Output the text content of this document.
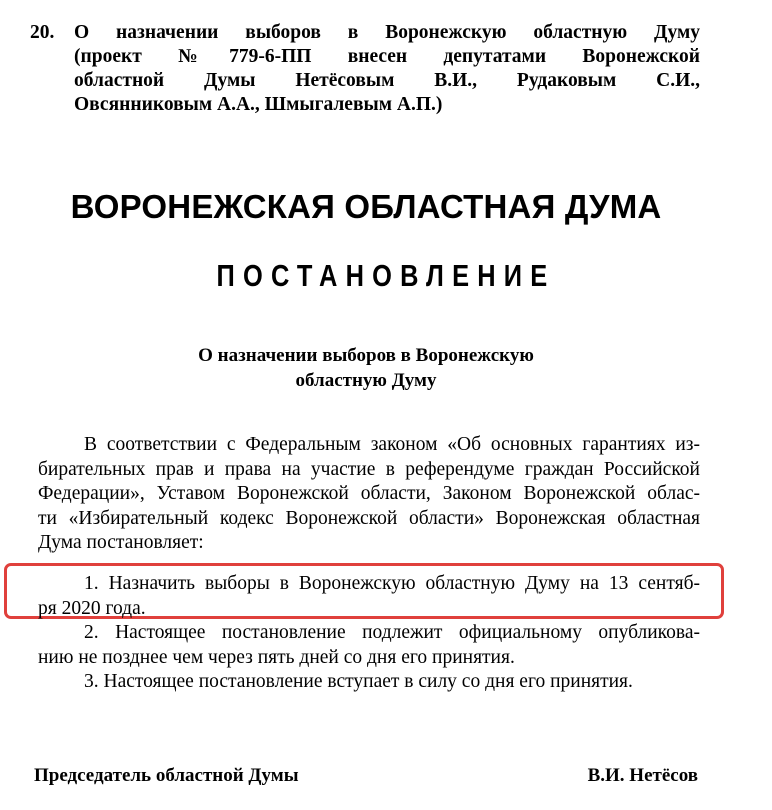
20.	О назначении выборов в Воронежскую областную Думу
(проект №779-6-ПП внесен депутатами Воронежской
областной Думы Нетёсовым В.И., Рудаковым С.И.,
Овсянниковым А.А., Шмыгалевым А.П.)
ВОРОНЕЖСКАЯ ОБЛАСТНАЯ ДУМА
ПОСТАНОВЛЕНИЕ
О назначении выборов в Воронежскую
областную Думу
В соответствии с Федеральным законом «Об основных гарантиях из-
бирательных прав и права на участие в референдуме граждан Российской
Федерации», Уставом Воронежской области, Законом Воронежской облас-
ти «Избирательный кодекс Воронежской области» Воронежская областная
Дума постановляет:
1. Назначить выборы в Воронежскую областную Думу на 13 сентяб-
ря 2020 года.
2. Настоящее постановление подлежит официальному опубликова-
нию не позднее чем через пять дней со дня его принятия.
3. Настоящее постановление вступает в силу со дня его принятия.
Председатель областной Думы	В.И. Нетёсов
